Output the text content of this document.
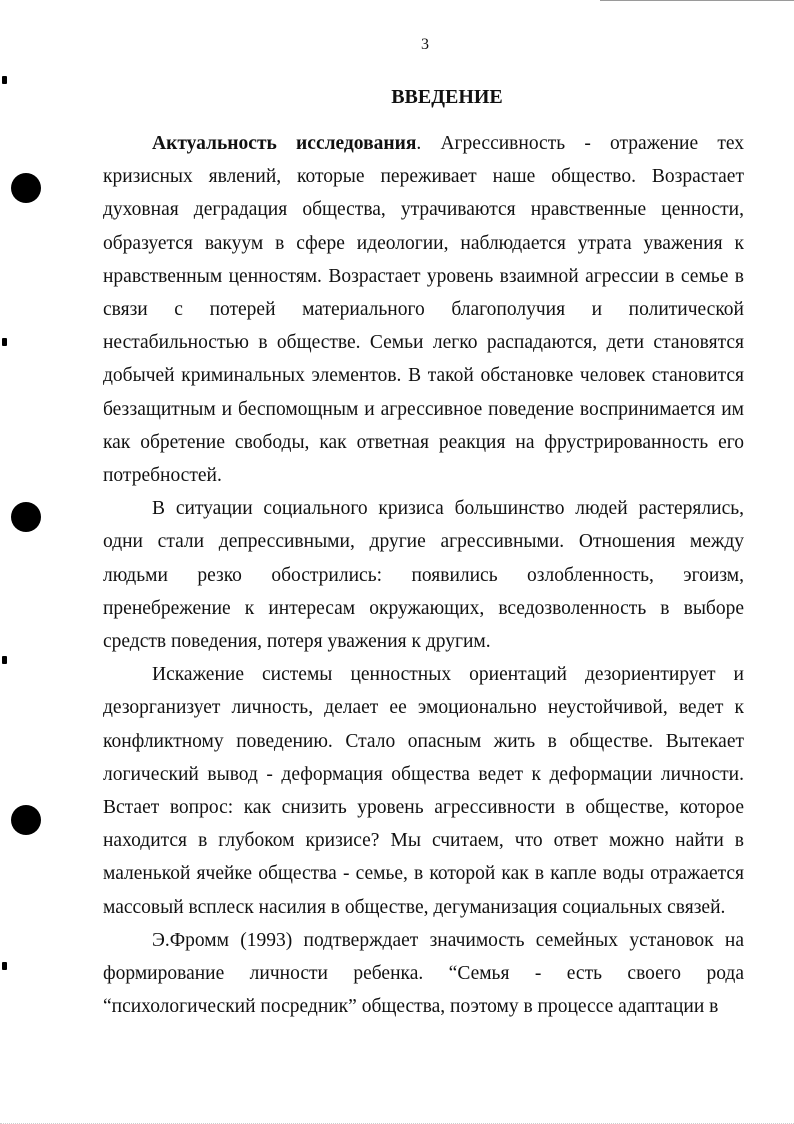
3
ВВЕДЕНИЕ

Актуальность исследования. Агрессивность - отражение тех кризисных явлений, которые переживает наше общество. Возрастает духовная деградация общества, утрачиваются нравственные ценности, образуется вакуум в сфере идеологии, наблюдается утрата уважения к нравственным ценностям. Возрастает уровень взаимной агрессии в семье в связи с потерей материального благополучия и политической нестабильностью в обществе. Семьи легко распадаются, дети становятся добычей криминальных элементов. В такой обстановке человек становится беззащитным и беспомощным и агрессивное поведение воспринимается им как обретение свободы, как ответная реакция на фрустрированность его потребностей.

В ситуации социального кризиса большинство людей растерялись, одни стали депрессивными, другие агрессивными. Отношения между людьми резко обострились: появились озлобленность, эгоизм, пренебрежение к интересам окружающих, вседозволенность в выборе средств поведения, потеря уважения к другим.

Искажение системы ценностных ориентаций дезориентирует и дезорганизует личность, делает ее эмоционально неустойчивой, ведет к конфликтному поведению. Стало опасным жить в обществе. Вытекает логический вывод - деформация общества ведет к деформации личности. Встает вопрос: как снизить уровень агрессивности в обществе, которое находится в глубоком кризисе? Мы считаем, что ответ можно найти в маленькой ячейке общества - семье, в которой как в капле воды отражается массовый всплеск насилия в обществе, дегуманизация социальных связей.

Э.Фромм (1993) подтверждает значимость семейных установок на формирование личности ребенка. “Семья - есть своего рода “психологический посредник” общества, поэтому в процессе адаптации в
